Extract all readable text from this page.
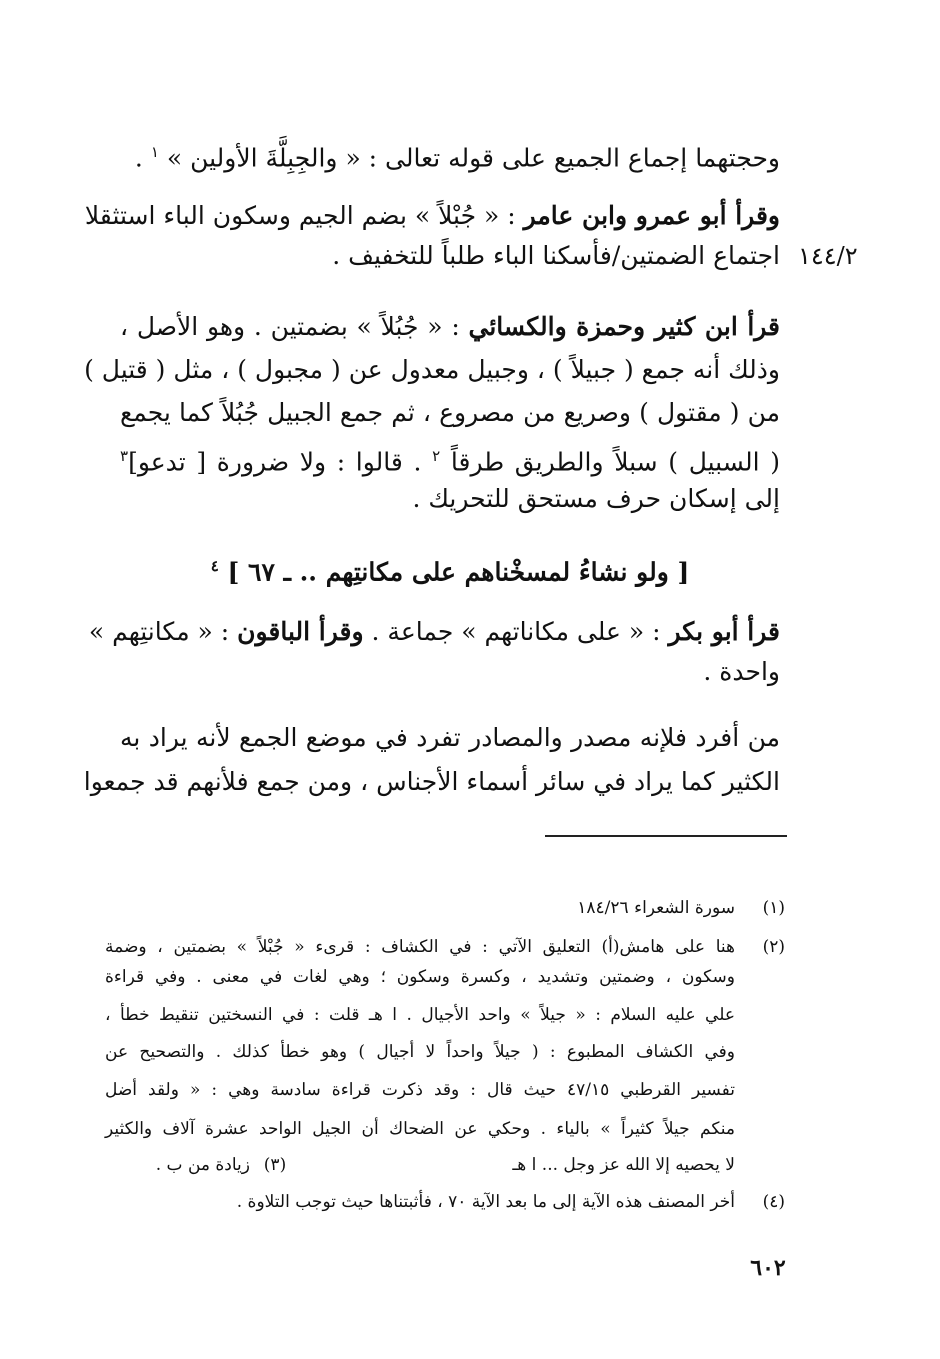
وحجتهما إجماع الجميع على قوله تعالى : « والجِبِلَّةَ الأولين » $^١$ .
وقرأ أبو عمرو وابن عامر : « جُبْلاً » بضم الجيم وسكون الباء استثقلا
١٤٤/٢
اجتماع الضمتين/فأسكنا الباء طلباً للتخفيف .
قرأ ابن كثير وحمزة والكسائي : « جُبُلاً » بضمتين . وهو الأصل ،
وذلك أنه جمع ( جبيلاً ) ، وجبيل معدول عن ( مجبول ) ، مثل ( قتيل )
من ( مقتول ) وصريع من مصروع ، ثم جمع الجبيل جُبُلاً كما يجمع
( السبيل ) سبلاً والطريق طرقاً $^٢$ . قالوا : ولا ضرورة [ تدعو]$^٣$
إلى إسكان حرف مستحق للتحريك .
[ ولو نشاءُ لمسخْناهم على مكانتِهم .. ـ ٦٧ ] $^٤$
قرأ أبو بكر : « على مكاناتهم » جماعة . وقرأ الباقون : « مكانتِهم »
واحدة .
من أفرد فلإنه مصدر والمصادر تفرد في موضع الجمع لأنه يراد به
الكثير كما يراد في سائر أسماء الأجناس ، ومن جمع فلأنهم قد جمعوا
(١)
سورة الشعراء ١٨٤/٢٦
(٢)
هنا على هامش(أ) التعليق الآتي : في الكشاف : قرىء « جُبْلاً » بضمتين ، وضمة
وسكون ، وضمتين وتشديد ، وكسرة وسكون ؛ وهي لغات في معنى . وفي قراءة
علي عليه السلام : « جيلاً » واحد الأجيال . ا هـ قلت : في النسختين تنقيط خطأ ،
وفي الكشاف المطبوع : ( جيلاً واحداً لا أجيال ) وهو خطأ كذلك . والتصحيح عن
تفسير القرطبي ٤٧/١٥ حيث قال : وقد ذكرت قراءة سادسة وهي : « ولقد أضل
منكم جيلاً كثيراً » بالياء . وحكي عن الضحاك أن الجيل الواحد عشرة آلاف والكثير
لا يحصيه إلا الله عز وجل ... ا هـ
(٣)
زيادة من ب .
(٤)
أخر المصنف هذه الآية إلى ما بعد الآية ٧٠ ، فأثبتناها حيث توجب التلاوة .
٦٠٢
